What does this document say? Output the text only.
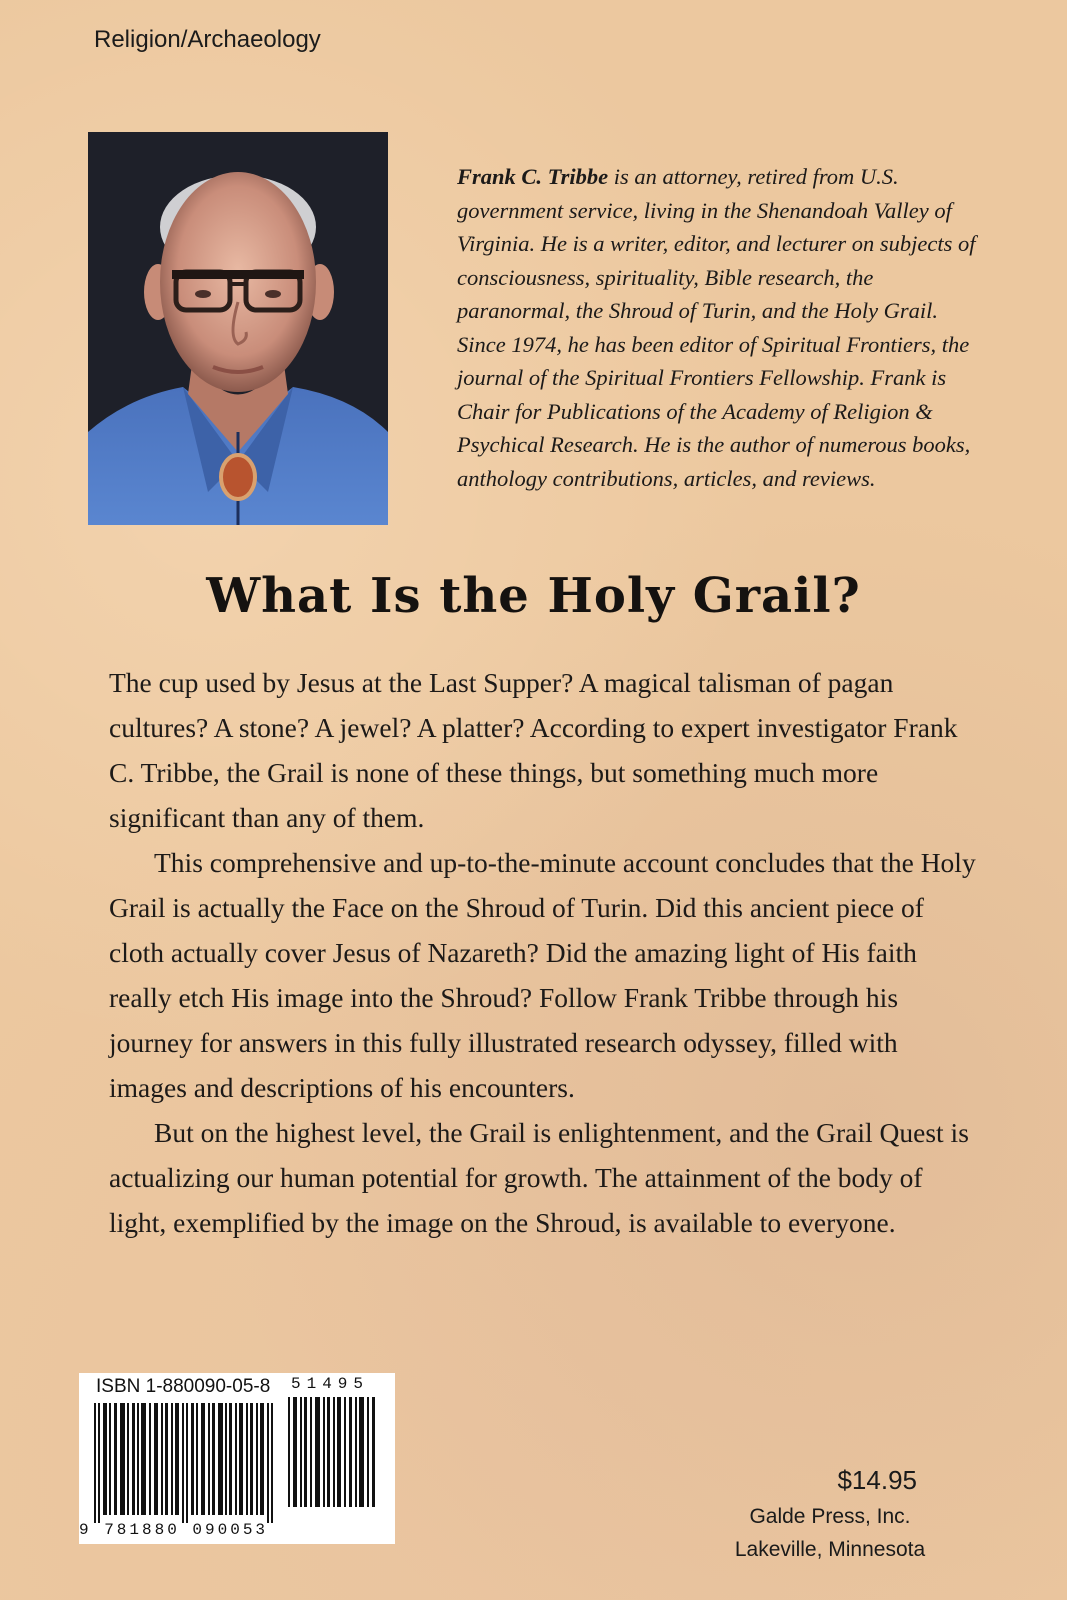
Religion/Archaeology

Frank C. Tribbe is an attorney, retired from U.S. government service, living in the Shenandoah Valley of Virginia. He is a writer, editor, and lecturer on subjects of consciousness, spirituality, Bible research, the paranormal, the Shroud of Turin, and the Holy Grail. Since 1974, he has been editor of Spiritual Frontiers, the journal of the Spiritual Frontiers Fellowship. Frank is Chair for Publications of the Academy of Religion & Psychical Research. He is the author of numerous books, anthology contributions, articles, and reviews.

What Is the Holy Grail?

The cup used by Jesus at the Last Supper? A magical talisman of pagan cultures? A stone? A jewel? A platter? According to expert investigator Frank C. Tribbe, the Grail is none of these things, but something much more significant than any of them.

This comprehensive and up-to-the-minute account concludes that the Holy Grail is actually the Face on the Shroud of Turin. Did this ancient piece of cloth actually cover Jesus of Nazareth? Did the amazing light of His faith really etch His image into the Shroud? Follow Frank Tribbe through his journey for answers in this fully illustrated research odyssey, filled with images and descriptions of his encounters.

But on the highest level, the Grail is enlightenment, and the Grail Quest is actualizing our human potential for growth. The attainment of the body of light, exemplified by the image on the Shroud, is available to everyone.

ISBN 1-880090-05-8 51495
9 781880 090053
$14.95
Galde Press, Inc.
Lakeville, Minnesota
